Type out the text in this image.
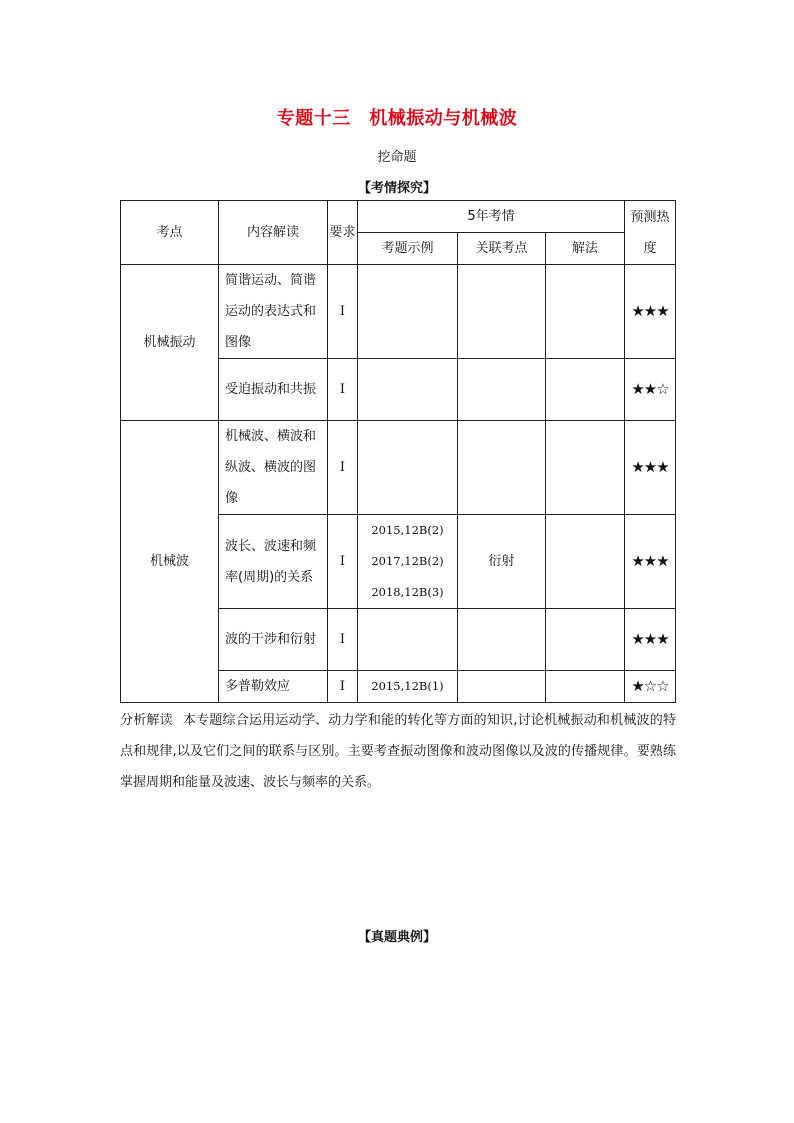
专题十三　机械振动与机械波
挖命题
【考情探究】
考点	内容解读	要求	5年考情			预测热度
			考题示例	关联考点	解法	
机械振动	简谐运动、简谐运动的表达式和图像	Ⅰ				★★★
	受迫振动和共振	Ⅰ				★★☆
机械波	机械波、横波和纵波、横波的图像	Ⅰ				★★★
	波长、波速和频率(周期)的关系	Ⅰ	2015,12B(2)
2017,12B(2)
2018,12B(3)	衍射		★★★
	波的干涉和衍射	Ⅰ				★★★
	多普勒效应	Ⅰ	2015,12B(1)			★☆☆
分析解读 本专题综合运用运动学、动力学和能的转化等方面的知识,讨论机械振动和机械波的特点和规律,以及它们之间的联系与区别。主要考查振动图像和波动图像以及波的传播规律。要熟练掌握周期和能量及波速、波长与频率的关系。
【真题典例】
